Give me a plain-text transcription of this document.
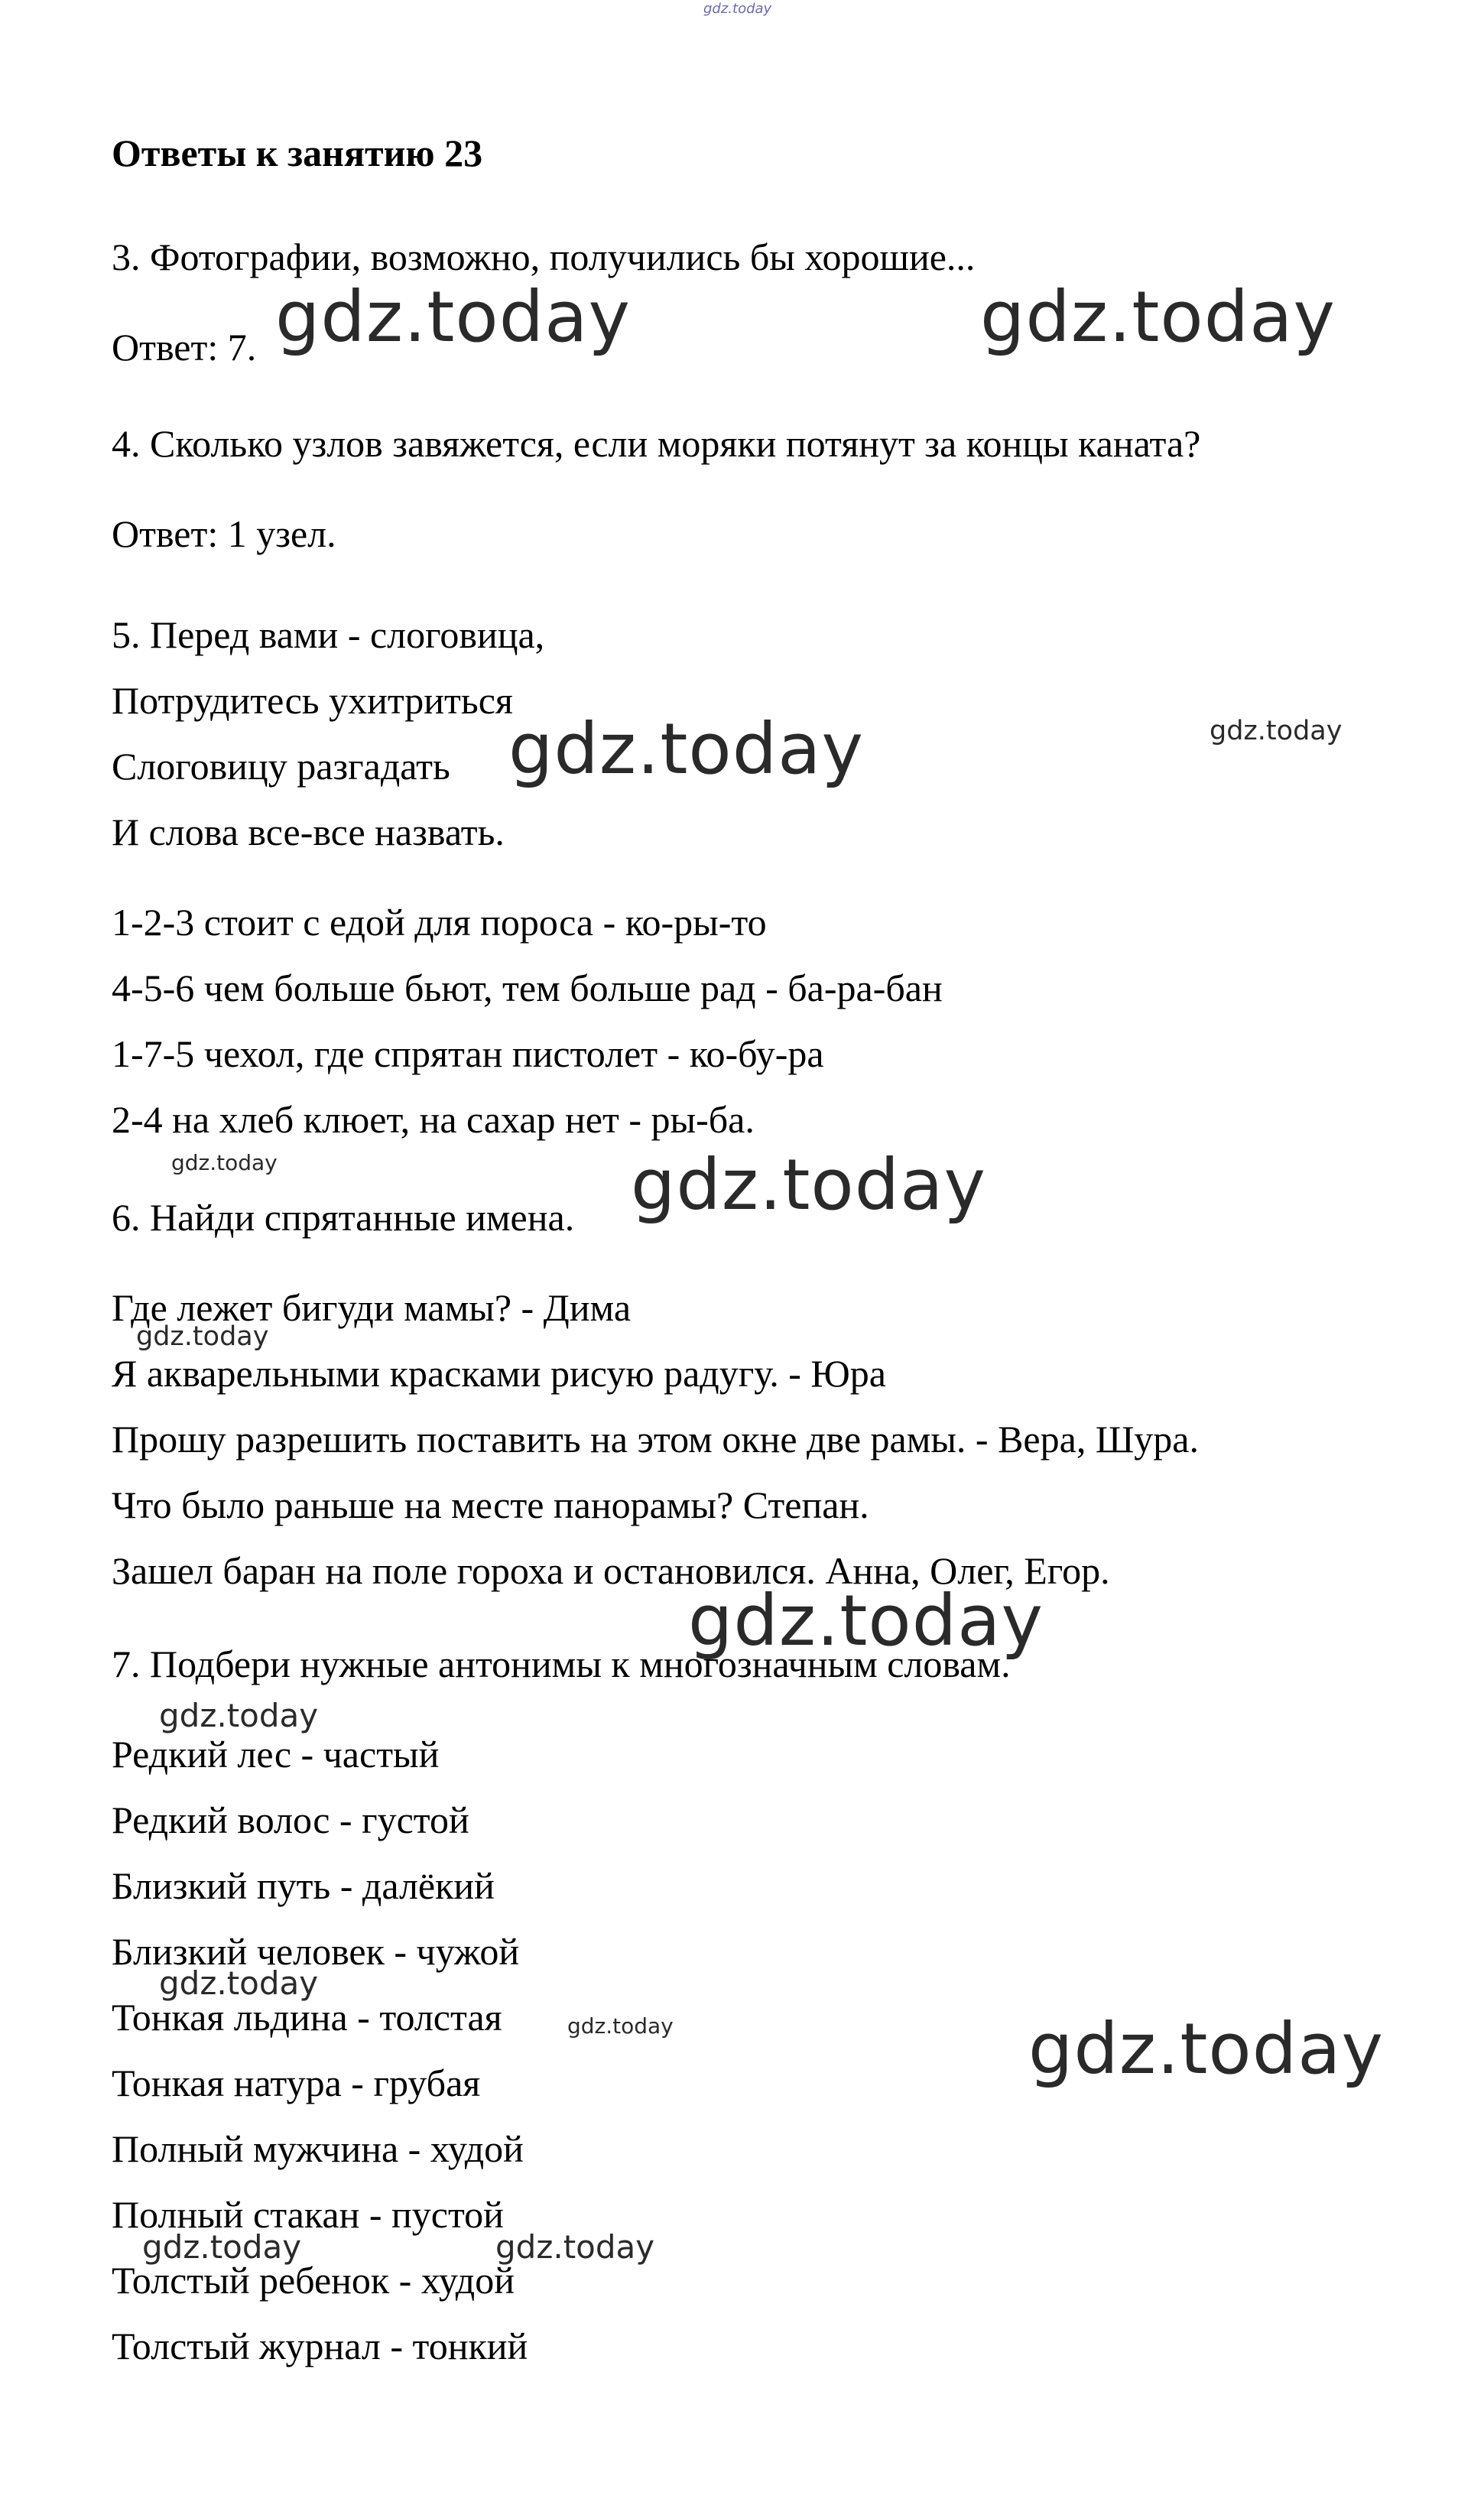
gdz.today
Ответы к занятию 23

3. Фотографии, возможно, получились бы хорошие...

Ответ: 7.

4. Сколько узлов завяжется, если моряки потянут за концы каната?

Ответ: 1 узел.

5. Перед вами - слоговица,

Потрудитесь ухитриться

Слоговицу разгадать

И слова все-все назвать.

1-2-3 стоит с едой для пороса - ко-ры-то

4-5-6 чем больше бьют, тем больше рад - ба-ра-бан

1-7-5 чехол, где спрятан пистолет - ко-бу-ра

2-4 на хлеб клюет, на сахар нет - ры-ба.

6. Найди спрятанные имена.

Где лежет бигуди мамы? - Дима

Я акварельными красками рисую радугу. - Юра

Прошу разрешить поставить на этом окне две рамы. - Вера, Шура.

Что было раньше на месте панорамы? Степан.

Зашел баран на поле гороха и остановился. Анна, Олег, Егор.

7. Подбери нужные антонимы к многозначным словам.

Редкий лес - частый

Редкий волос - густой

Близкий путь - далёкий

Близкий человек - чужой

Тонкая льдина - толстая

Тонкая натура - грубая

Полный мужчина - худой

Полный стакан - пустой

Толстый ребенок - худой

Толстый журнал - тонкий

gdz.today	gdz.today
gdz.today	gdz.today
gdz.today	gdz.today
gdz.today
gdz.today
gdz.today
gdz.today
gdz.today	gdz.today
gdz.today	gdz.today
